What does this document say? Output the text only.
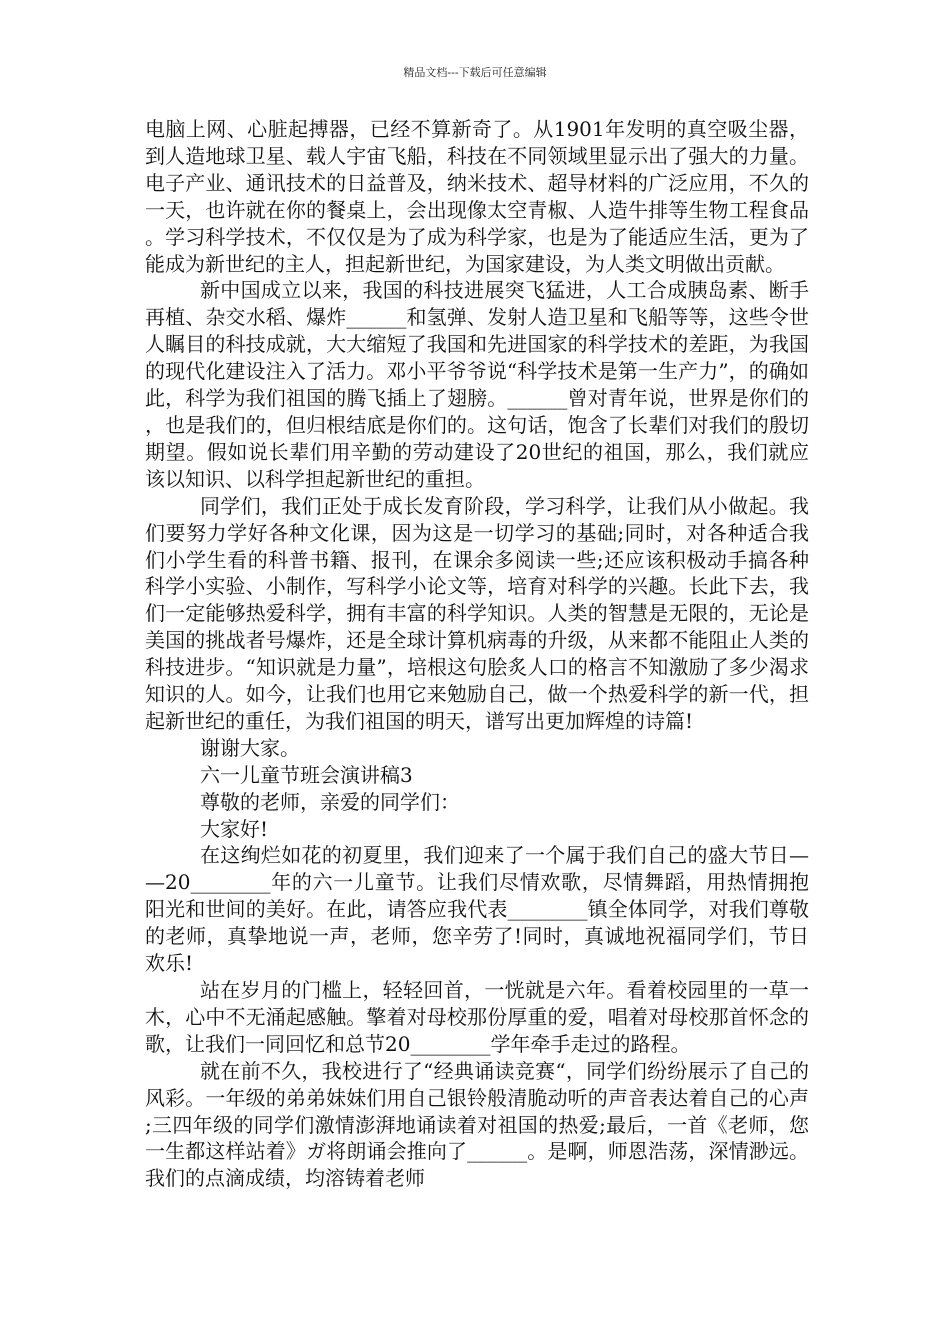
精品文档---下载后可任意编辑

电脑上网、心脏起搏器，已经不算新奇了。从1901年发明的真空吸尘器，到人造地球卫星、载人宇宙飞船，科技在不同领域里显示出了强大的力量。电子产业、通讯技术的日益普及，纳米技术、超导材料的广泛应用，不久的一天，也许就在你的餐桌上，会出现像太空青椒、人造牛排等生物工程食品。学习科学技术，不仅仅是为了成为科学家，也是为了能适应生活，更为了能成为新世纪的主人，担起新世纪，为国家建设，为人类文明做出贡献。

新中国成立以来，我国的科技进展突飞猛进，人工合成胰岛素、断手再植、杂交水稻、爆炸______和氢弹、发射人造卫星和飞船等等，这些令世人瞩目的科技成就，大大缩短了我国和先进国家的科学技术的差距，为我国的现代化建设注入了活力。邓小平爷爷说“科学技术是第一生产力”，的确如此，科学为我们祖国的腾飞插上了翅膀。______曾对青年说，世界是你们的，也是我们的，但归根结底是你们的。这句话，饱含了长辈们对我们的殷切期望。假如说长辈们用辛勤的劳动建设了20世纪的祖国，那么，我们就应该以知识、以科学担起新世纪的重担。

同学们，我们正处于成长发育阶段，学习科学，让我们从小做起。我们要努力学好各种文化课，因为这是一切学习的基础;同时，对各种适合我们小学生看的科普书籍、报刊，在课余多阅读一些;还应该积极动手搞各种科学小实验、小制作，写科学小论文等，培育对科学的兴趣。长此下去，我们一定能够热爱科学，拥有丰富的科学知识。人类的智慧是无限的，无论是美国的挑战者号爆炸，还是全球计算机病毒的升级，从来都不能阻止人类的科技进步。“知识就是力量”，培根这句脍炙人口的格言不知激励了多少渴求知识的人。如今，让我们也用它来勉励自己，做一个热爱科学的新一代，担起新世纪的重任，为我们祖国的明天，谱写出更加辉煌的诗篇!

谢谢大家。

六一儿童节班会演讲稿3

尊敬的老师，亲爱的同学们：

大家好!

在这绚烂如花的初夏里，我们迎来了一个属于我们自己的盛大节日——20________年的六一儿童节。让我们尽情欢歌，尽情舞蹈，用热情拥抱阳光和世间的美好。在此，请答应我代表________镇全体同学，对我们尊敬的老师，真挚地说一声，老师，您辛劳了!同时，真诚地祝福同学们，节日欢乐!

站在岁月的门槛上，轻轻回首，一恍就是六年。看着校园里的一草一木，心中不无涌起感触。擎着对母校那份厚重的爱，唱着对母校那首怀念的歌，让我们一同回忆和总节20________学年牵手走过的路程。

就在前不久，我校进行了“经典诵读竞赛“，同学们纷纷展示了自己的风彩。一年级的弟弟妹妹们用自己银铃般清脆动听的声音表达着自己的心声;三四年级的同学们激情澎湃地诵读着对祖国的热爱;最后，一首《老师，您一生都这样站着》ガ将朗诵会推向了______。是啊，师恩浩荡，深情渺远。我们的点滴成绩，均溶铸着老师
